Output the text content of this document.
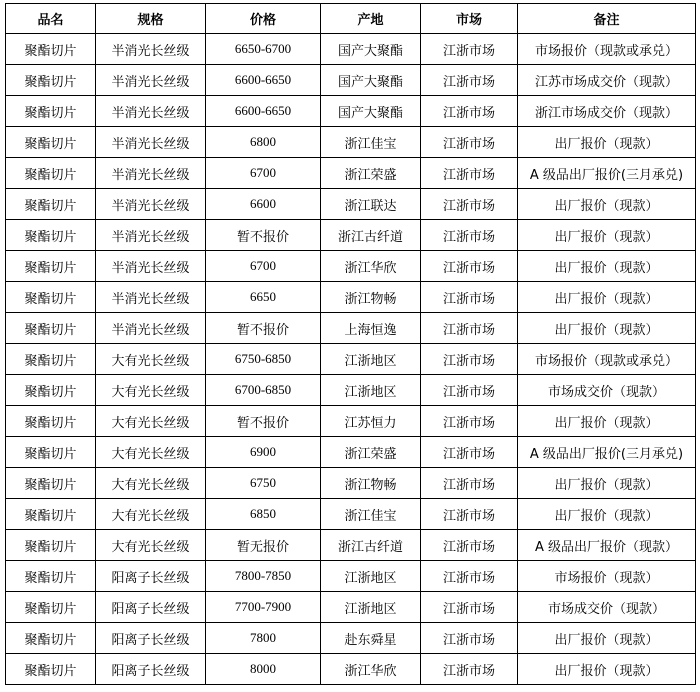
品名	规格	价格	产地	市场	备注
聚酯切片	半消光长丝级	6650-6700	国产大聚酯	江浙市场	市场报价（现款或承兑）
聚酯切片	半消光长丝级	6600-6650	国产大聚酯	江浙市场	江苏市场成交价（现款）
聚酯切片	半消光长丝级	6600-6650	国产大聚酯	江浙市场	浙江市场成交价（现款）
聚酯切片	半消光长丝级	6800	浙江佳宝	江浙市场	出厂报价（现款）
聚酯切片	半消光长丝级	6700	浙江荣盛	江浙市场	A 级品出厂报价(三月承兑)
聚酯切片	半消光长丝级	6600	浙江联达	江浙市场	出厂报价（现款）
聚酯切片	半消光长丝级	暂不报价	浙江古纤道	江浙市场	出厂报价（现款）
聚酯切片	半消光长丝级	6700	浙江华欣	江浙市场	出厂报价（现款）
聚酯切片	半消光长丝级	6650	浙江物畅	江浙市场	出厂报价（现款）
聚酯切片	半消光长丝级	暂不报价	上海恒逸	江浙市场	出厂报价（现款）
聚酯切片	大有光长丝级	6750-6850	江浙地区	江浙市场	市场报价（现款或承兑）
聚酯切片	大有光长丝级	6700-6850	江浙地区	江浙市场	市场成交价（现款）
聚酯切片	大有光长丝级	暂不报价	江苏恒力	江浙市场	出厂报价（现款）
聚酯切片	大有光长丝级	6900	浙江荣盛	江浙市场	A 级品出厂报价(三月承兑)
聚酯切片	大有光长丝级	6750	浙江物畅	江浙市场	出厂报价（现款）
聚酯切片	大有光长丝级	6850	浙江佳宝	江浙市场	出厂报价（现款）
聚酯切片	大有光长丝级	暂无报价	浙江古纤道	江浙市场	A 级品出厂报价（现款）
聚酯切片	阳离子长丝级	7800-7850	江浙地区	江浙市场	市场报价（现款）
聚酯切片	阳离子长丝级	7700-7900	江浙地区	江浙市场	市场成交价（现款）
聚酯切片	阳离子长丝级	7800	赴东舜星	江浙市场	出厂报价（现款）
聚酯切片	阳离子长丝级	8000	浙江华欣	江浙市场	出厂报价（现款）
